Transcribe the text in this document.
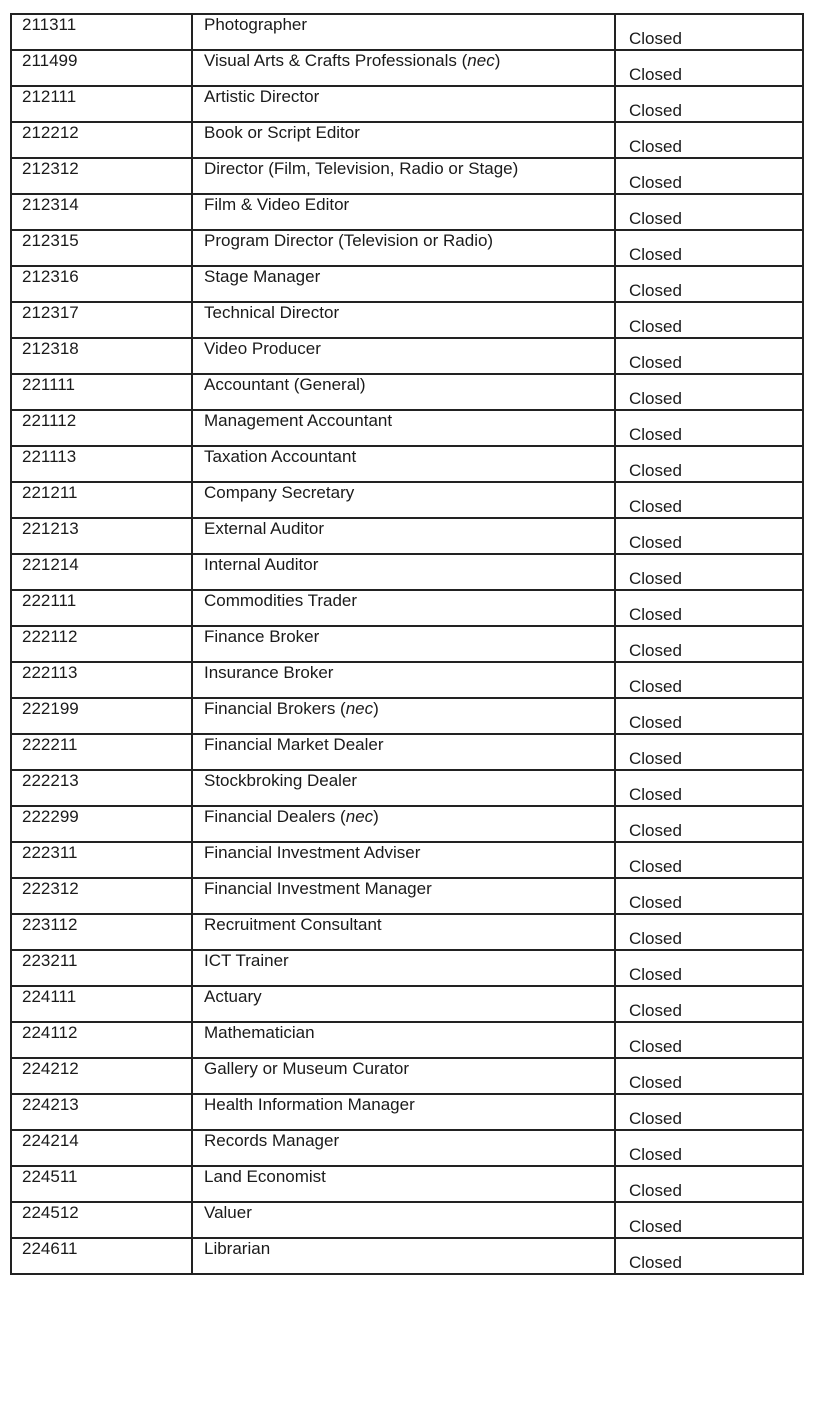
211311	Photographer	Closed
211499	Visual Arts & Crafts Professionals (nec)	Closed
212111	Artistic Director	Closed
212212	Book or Script Editor	Closed
212312	Director (Film, Television, Radio or Stage)	Closed
212314	Film & Video Editor	Closed
212315	Program Director (Television or Radio)	Closed
212316	Stage Manager	Closed
212317	Technical Director	Closed
212318	Video Producer	Closed
221111	Accountant (General)	Closed
221112	Management Accountant	Closed
221113	Taxation Accountant	Closed
221211	Company Secretary	Closed
221213	External Auditor	Closed
221214	Internal Auditor	Closed
222111	Commodities Trader	Closed
222112	Finance Broker	Closed
222113	Insurance Broker	Closed
222199	Financial Brokers (nec)	Closed
222211	Financial Market Dealer	Closed
222213	Stockbroking Dealer	Closed
222299	Financial Dealers (nec)	Closed
222311	Financial Investment Adviser	Closed
222312	Financial Investment Manager	Closed
223112	Recruitment Consultant	Closed
223211	ICT Trainer	Closed
224111	Actuary	Closed
224112	Mathematician	Closed
224212	Gallery or Museum Curator	Closed
224213	Health Information Manager	Closed
224214	Records Manager	Closed
224511	Land Economist	Closed
224512	Valuer	Closed
224611	Librarian	Closed
